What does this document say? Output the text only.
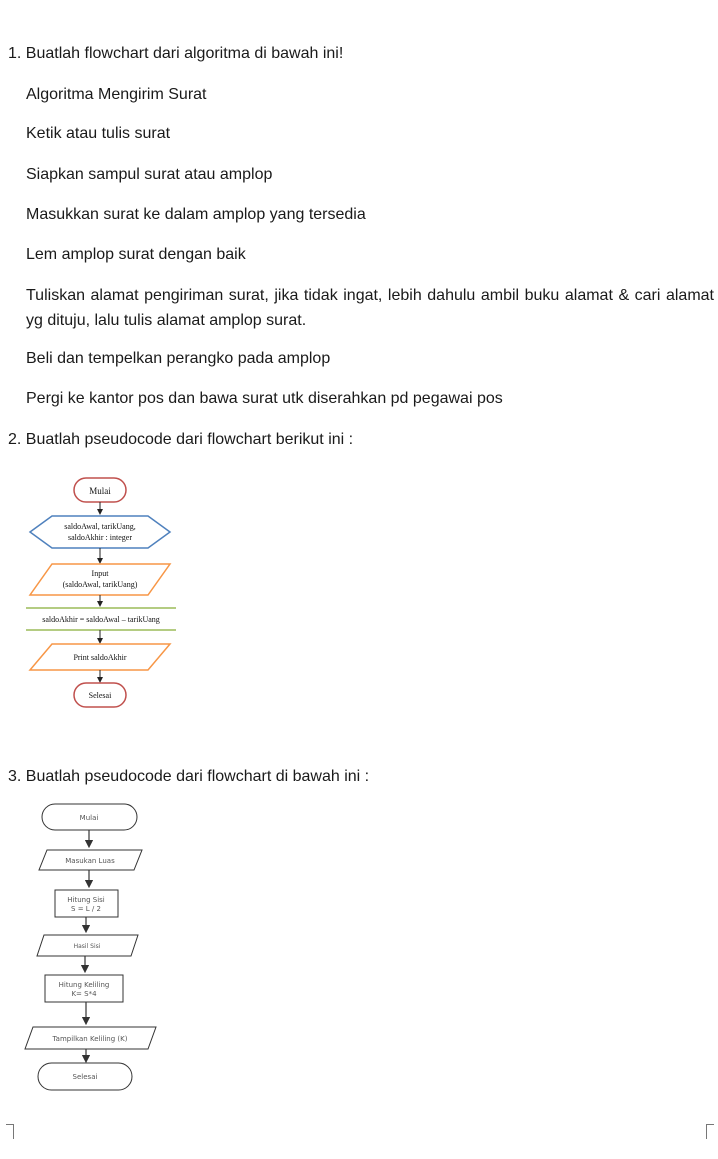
1. Buatlah flowchart dari algoritma di bawah ini!
Algoritma Mengirim Surat
Ketik atau tulis surat
Siapkan sampul surat atau amplop
Masukkan surat ke dalam amplop yang tersedia
Lem amplop surat dengan baik
Tuliskan alamat pengiriman surat, jika tidak ingat, lebih dahulu ambil buku alamat & cari alamat yg dituju, lalu tulis alamat amplop surat.
Beli dan tempelkan perangko pada amplop
Pergi ke kantor pos dan bawa surat utk diserahkan pd pegawai pos
2. Buatlah pseudocode dari flowchart berikut ini :
Mulai
saldoAwal, tarikUang,
saldoAkhir : integer
Input
(saldoAwal, tarikUang)
saldoAkhir = saldoAwal – tarikUang
Print saldoAkhir
Selesai
3. Buatlah pseudocode dari flowchart di bawah ini :
Mulai
Masukan Luas
Hitung Sisi
S = L / 2
Hasil Sisi
Hitung Keliling
K= S*4
Tampilkan Keliling (K)
Selesai
